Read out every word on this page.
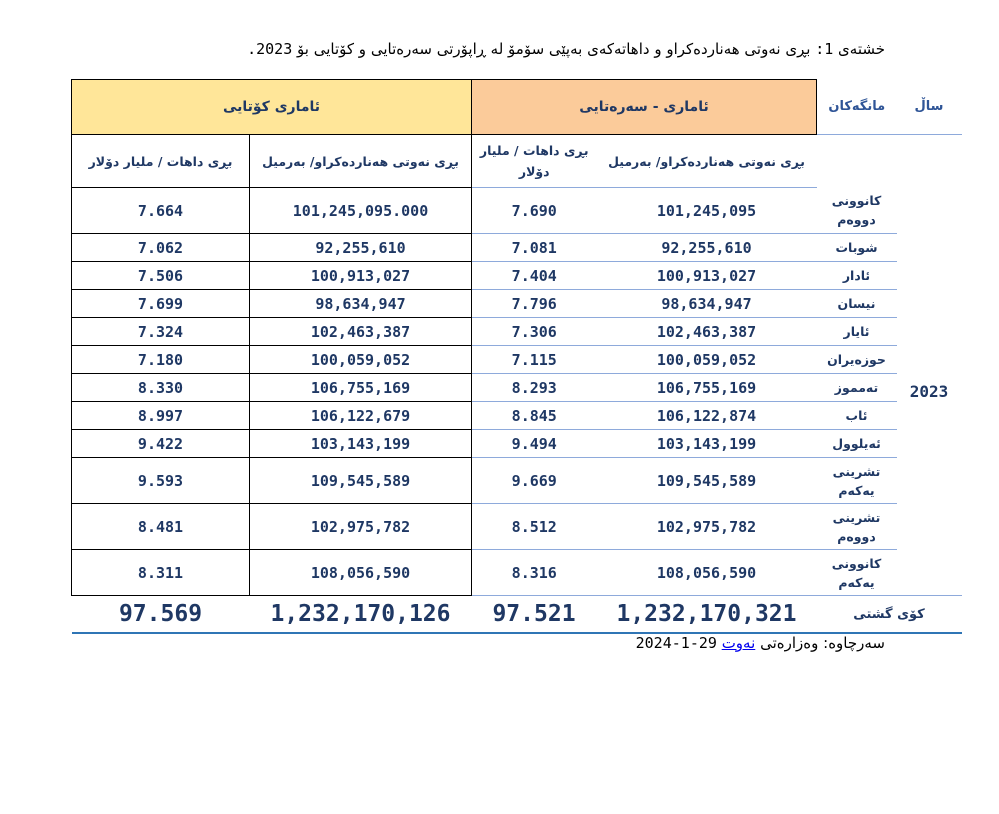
خشتەی 1: بڕی نەوتی هەناردەکراو و داهاتەکەی بەپێی سۆمۆ لە ڕاپۆرتی سەرەتایی و کۆتایی بۆ 2023.
ئاماری کۆتایی		ئاماری - سەرەتایی		مانگەکان	ساڵ
بڕی داهات / ملیار دۆلار	بڕی نەوتی هەناردەکراو/ بەرمیل	بڕی داهات / ملیار دۆلار	بڕی نەوتی هەناردەکراو/ بەرمیل		
7.664	101,245,095.000	7.690	101,245,095	کانوونی دووەم	2023
7.062	92,255,610	7.081	92,255,610	شوبات	
7.506	100,913,027	7.404	100,913,027	ئادار	
7.699	98,634,947	7.796	98,634,947	نیسان	
7.324	102,463,387	7.306	102,463,387	ئایار	
7.180	100,059,052	7.115	100,059,052	حوزەیران	
8.330	106,755,169	8.293	106,755,169	تەمموز	
8.997	106,122,679	8.845	106,122,874	ئاب	
9.422	103,143,199	9.494	103,143,199	ئەیلوول	
9.593	109,545,589	9.669	109,545,589	تشرینی یەکەم	
8.481	102,975,782	8.512	102,975,782	تشرینی دووەم	
8.311	108,056,590	8.316	108,056,590	کانوونی یەکەم	
97.569	1,232,170,126	97.521	1,232,170,321	کۆی گشتی	
سەرچاوە: وەزارەتی نەوت 29-1-2024
